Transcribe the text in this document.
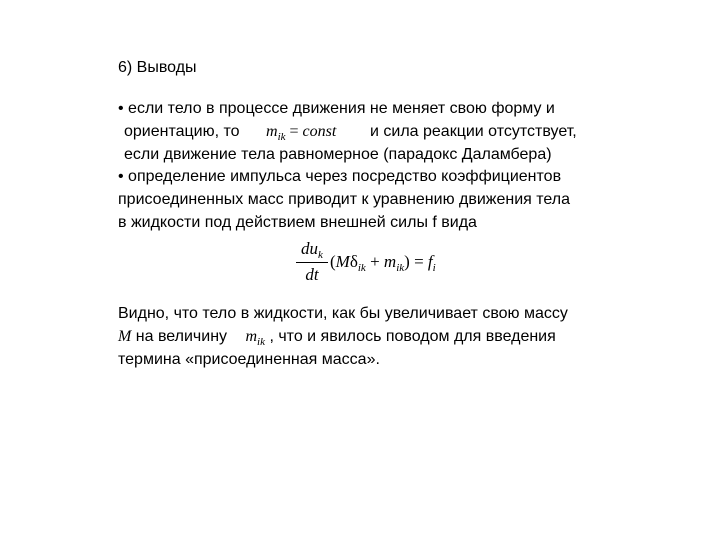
6) Выводы
• если тело в процессе движения не меняет свою форму и
ориентацию, то $m_{ik}$ = const и сила реакции отсутствует,
если движение тела равномерное (парадокс Даламбера)
• определение импульса через посредство коэффициентов
присоединенных масс приводит к уравнению движения тела
в жидкости под действием внешней силы f вида
$du_k$
dt
$(M\delta_{ik} + m_{ik}) = f_i$
Видно, что тело в жидкости, как бы увеличивает свою массу
M на величину $m_{ik}$ , что и явилось поводом для введения
термина «присоединенная масса».
